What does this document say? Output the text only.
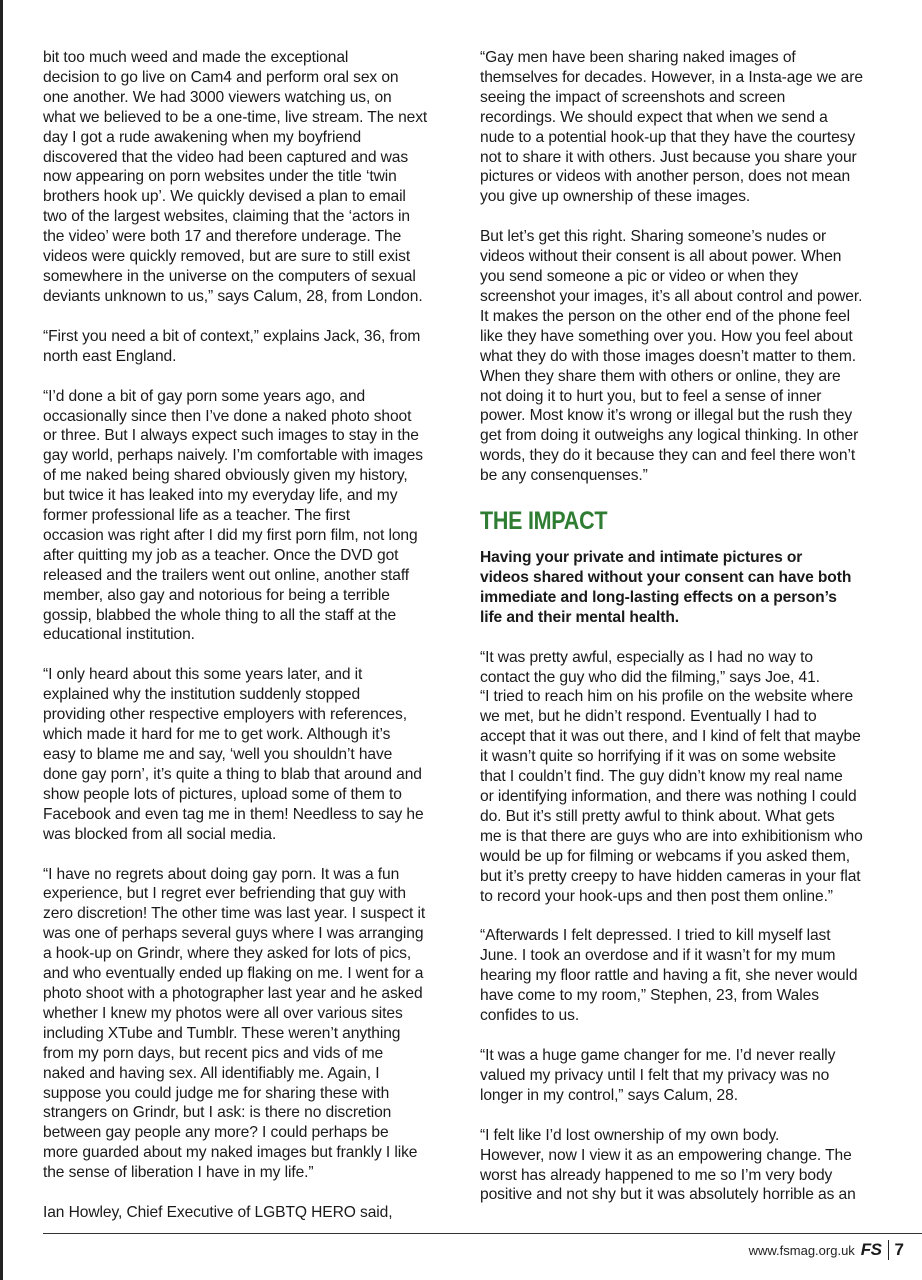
bit too much weed and made the exceptional
decision to go live on Cam4 and perform oral sex on
one another. We had 3000 viewers watching us, on
what we believed to be a one-time, live stream. The next
day I got a rude awakening when my boyfriend
discovered that the video had been captured and was
now appearing on porn websites under the title ‘twin
brothers hook up’. We quickly devised a plan to email
two of the largest websites, claiming that the ‘actors in
the video’ were both 17 and therefore underage. The
videos were quickly removed, but are sure to still exist
somewhere in the universe on the computers of sexual
deviants unknown to us,” says Calum, 28, from London.
“First you need a bit of context,” explains Jack, 36, from
north east England.
“I’d done a bit of gay porn some years ago, and
occasionally since then I’ve done a naked photo shoot
or three. But I always expect such images to stay in the
gay world, perhaps naively. I’m comfortable with images
of me naked being shared obviously given my history,
but twice it has leaked into my everyday life, and my
former professional life as a teacher. The first
occasion was right after I did my first porn film, not long
after quitting my job as a teacher. Once the DVD got
released and the trailers went out online, another staff
member, also gay and notorious for being a terrible
gossip, blabbed the whole thing to all the staff at the
educational institution.
“I only heard about this some years later, and it
explained why the institution suddenly stopped
providing other respective employers with references,
which made it hard for me to get work. Although it’s
easy to blame me and say, ‘well you shouldn’t have
done gay porn’, it’s quite a thing to blab that around and
show people lots of pictures, upload some of them to
Facebook and even tag me in them! Needless to say he
was blocked from all social media.
“I have no regrets about doing gay porn. It was a fun
experience, but I regret ever befriending that guy with
zero discretion! The other time was last year. I suspect it
was one of perhaps several guys where I was arranging
a hook-up on Grindr, where they asked for lots of pics,
and who eventually ended up flaking on me. I went for a
photo shoot with a photographer last year and he asked
whether I knew my photos were all over various sites
including XTube and Tumblr. These weren’t anything
from my porn days, but recent pics and vids of me
naked and having sex. All identifiably me. Again, I
suppose you could judge me for sharing these with
strangers on Grindr, but I ask: is there no discretion
between gay people any more? I could perhaps be
more guarded about my naked images but frankly I like
the sense of liberation I have in my life.”
Ian Howley, Chief Executive of LGBTQ HERO said,
“Gay men have been sharing naked images of
themselves for decades. However, in a Insta-age we are
seeing the impact of screenshots and screen
recordings. We should expect that when we send a
nude to a potential hook-up that they have the courtesy
not to share it with others. Just because you share your
pictures or videos with another person, does not mean
you give up ownership of these images.
But let’s get this right. Sharing someone’s nudes or
videos without their consent is all about power. When
you send someone a pic or video or when they
screenshot your images, it’s all about control and power.
It makes the person on the other end of the phone feel
like they have something over you. How you feel about
what they do with those images doesn’t matter to them.
When they share them with others or online, they are
not doing it to hurt you, but to feel a sense of inner
power. Most know it’s wrong or illegal but the rush they
get from doing it outweighs any logical thinking. In other
words, they do it because they can and feel there won’t
be any consenquenses.”
THE IMPACT
Having your private and intimate pictures or
videos shared without your consent can have both
immediate and long-lasting effects on a person’s
life and their mental health.
“It was pretty awful, especially as I had no way to
contact the guy who did the filming,” says Joe, 41.
“I tried to reach him on his profile on the website where
we met, but he didn’t respond. Eventually I had to
accept that it was out there, and I kind of felt that maybe
it wasn’t quite so horrifying if it was on some website
that I couldn’t find. The guy didn’t know my real name
or identifying information, and there was nothing I could
do. But it’s still pretty awful to think about. What gets
me is that there are guys who are into exhibitionism who
would be up for filming or webcams if you asked them,
but it’s pretty creepy to have hidden cameras in your flat
to record your hook-ups and then post them online.”
“Afterwards I felt depressed. I tried to kill myself last
June. I took an overdose and if it wasn’t for my mum
hearing my floor rattle and having a fit, she never would
have come to my room,” Stephen, 23, from Wales
confides to us.
“It was a huge game changer for me. I’d never really
valued my privacy until I felt that my privacy was no
longer in my control,” says Calum, 28.
“I felt like I’d lost ownership of my own body.
However, now I view it as an empowering change. The
worst has already happened to me so I’m very body
positive and not shy but it was absolutely horrible as an
www.fsmag.org.uk FS 7
